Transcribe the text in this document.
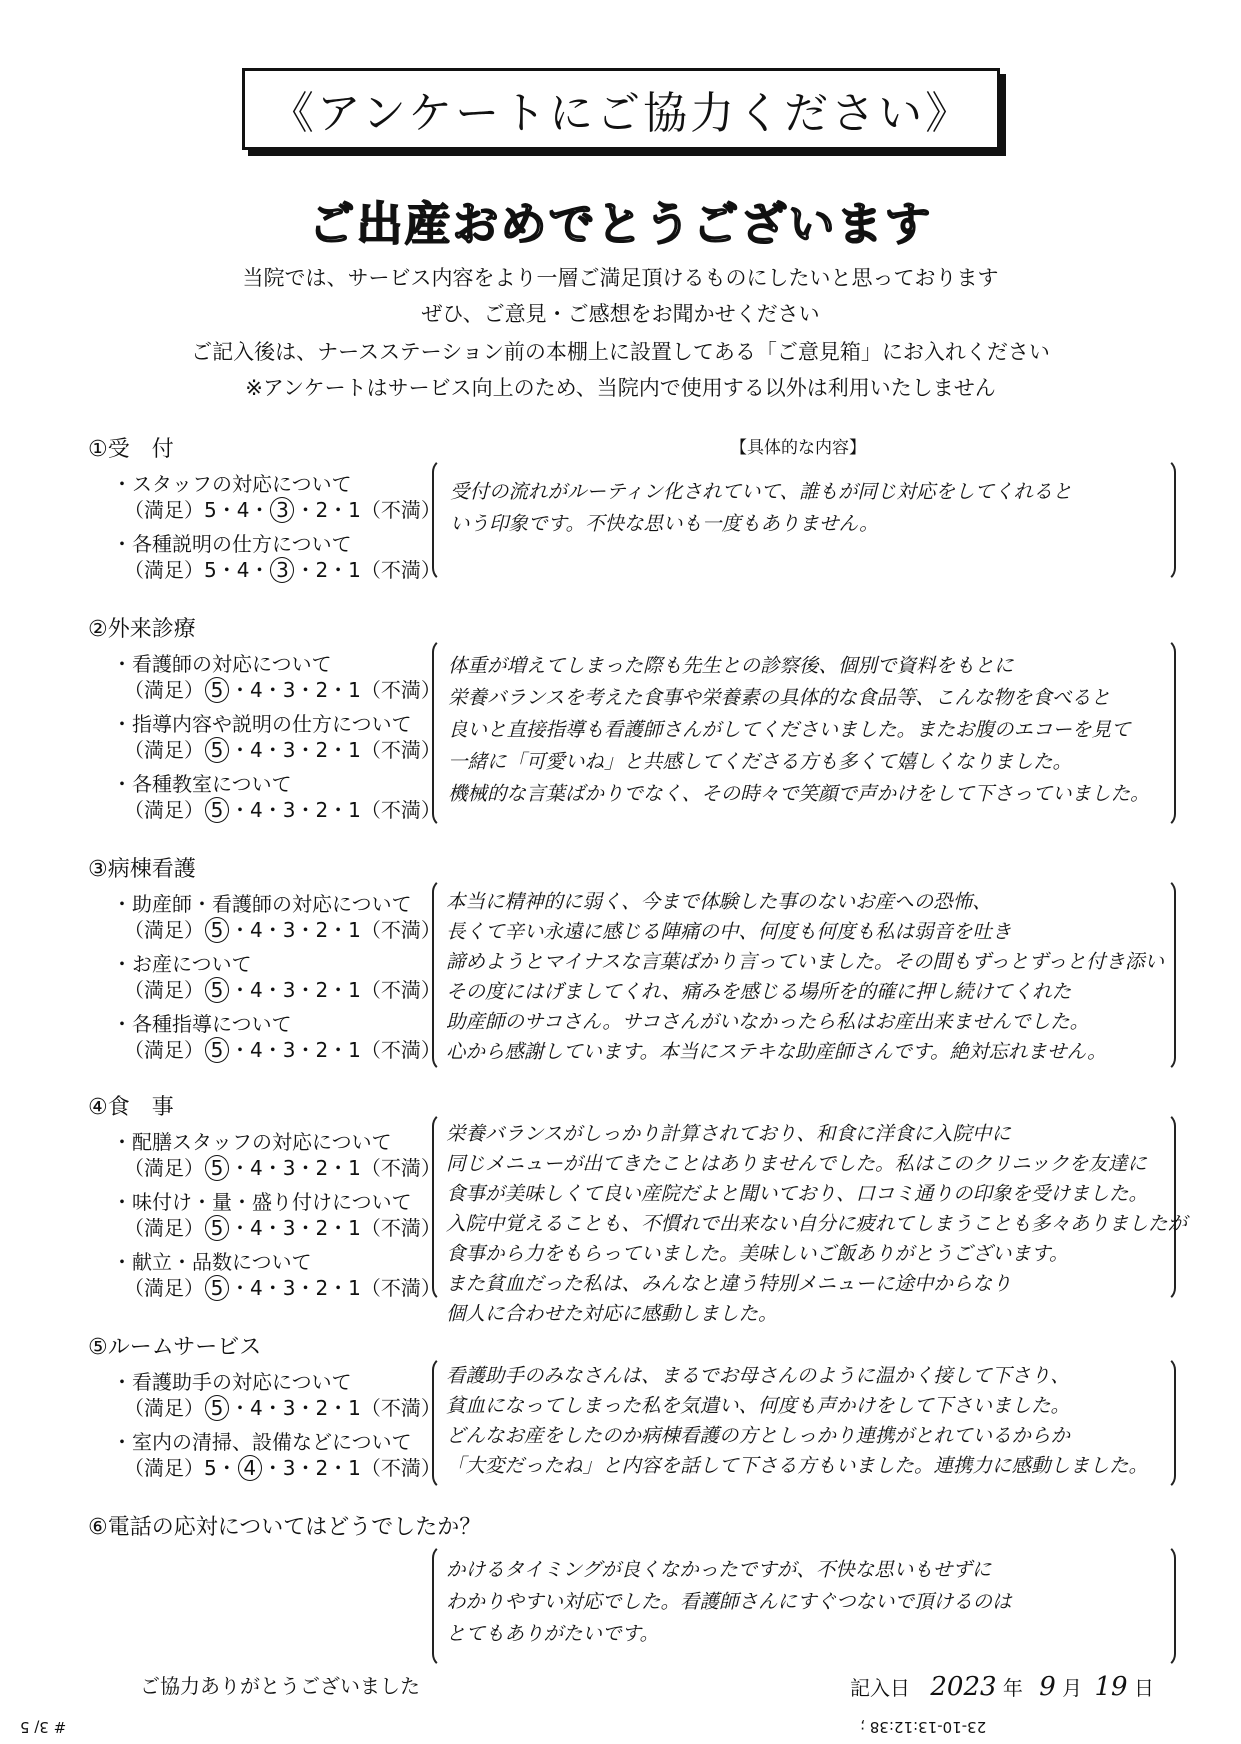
《アンケートにご協力ください》
ご出産おめでとうございます
当院では、サービス内容をより一層ご満足頂けるものにしたいと思っております
ぜひ、ご意見・ご感想をお聞かせください
ご記入後は、ナースステーション前の本棚上に設置してある「ご意見箱」にお入れください
※アンケートはサービス向上のため、当院内で使用する以外は利用いたしません
【具体的な内容】
①受　付
・スタッフの対応について
（満足）5・4・ 3 ・2・1（不満）
・各種説明の仕方について
（満足）5・4・ 3 ・2・1（不満）
受付の流れがルーティン化されていて、誰もが同じ対応をしてくれると
いう印象です。不快な思いも一度もありません。
②外来診療
・看護師の対応について
（満足） 5 ・4・3・2・1（不満）
・指導内容や説明の仕方について
（満足） 5 ・4・3・2・1（不満）
・各種教室について
（満足） 5 ・4・3・2・1（不満）
体重が増えてしまった際も先生との診察後、個別で資料をもとに
栄養バランスを考えた食事や栄養素の具体的な食品等、こんな物を食べると
良いと直接指導も看護師さんがしてくださいました。またお腹のエコーを見て
一緒に「可愛いね」と共感してくださる方も多くて嬉しくなりました。
機械的な言葉ばかりでなく、その時々で笑顔で声かけをして下さっていました。
③病棟看護
・助産師・看護師の対応について
（満足） 5 ・4・3・2・1（不満）
・お産について
（満足） 5 ・4・3・2・1（不満）
・各種指導について
（満足） 5 ・4・3・2・1（不満）
本当に精神的に弱く、今まで体験した事のないお産への恐怖、
長くて辛い永遠に感じる陣痛の中、何度も何度も私は弱音を吐き
諦めようとマイナスな言葉ばかり言っていました。その間もずっとずっと付き添い
その度にはげましてくれ、痛みを感じる場所を的確に押し続けてくれた
助産師のサコさん。サコさんがいなかったら私はお産出来ませんでした。
心から感謝しています。本当にステキな助産師さんです。絶対忘れません。
④食　事
・配膳スタッフの対応について
（満足） 5 ・4・3・2・1（不満）
・味付け・量・盛り付けについて
（満足） 5 ・4・3・2・1（不満）
・献立・品数について
（満足） 5 ・4・3・2・1（不満）
栄養バランスがしっかり計算されており、和食に洋食に入院中に
同じメニューが出てきたことはありませんでした。私はこのクリニックを友達に
食事が美味しくて良い産院だよと聞いており、口コミ通りの印象を受けました。
入院中覚えることも、不慣れで出来ない自分に疲れてしまうことも多々ありましたが
食事から力をもらっていました。美味しいご飯ありがとうございます。
また貧血だった私は、みんなと違う特別メニューに途中からなり
個人に合わせた対応に感動しました。
⑤ルームサービス
・看護助手の対応について
（満足） 5 ・4・3・2・1（不満）
・室内の清掃、設備などについて
（満足）5・ 4 ・3・2・1（不満）
看護助手のみなさんは、まるでお母さんのように温かく接して下さり、
貧血になってしまった私を気遣い、何度も声かけをして下さいました。
どんなお産をしたのか病棟看護の方としっかり連携がとれているからか
「大変だったね」と内容を話して下さる方もいました。連携力に感動しました。
⑥電話の応対についてはどうでしたか？
かけるタイミングが良くなかったですが、不快な思いもせずに
わかりやすい対応でした。看護師さんにすぐつないで頂けるのは
とてもありがたいです。
ご協力ありがとうございました	記入日 2023 年 9 月 19 日
# 3/ 5	23-10-13:12:38 ;
